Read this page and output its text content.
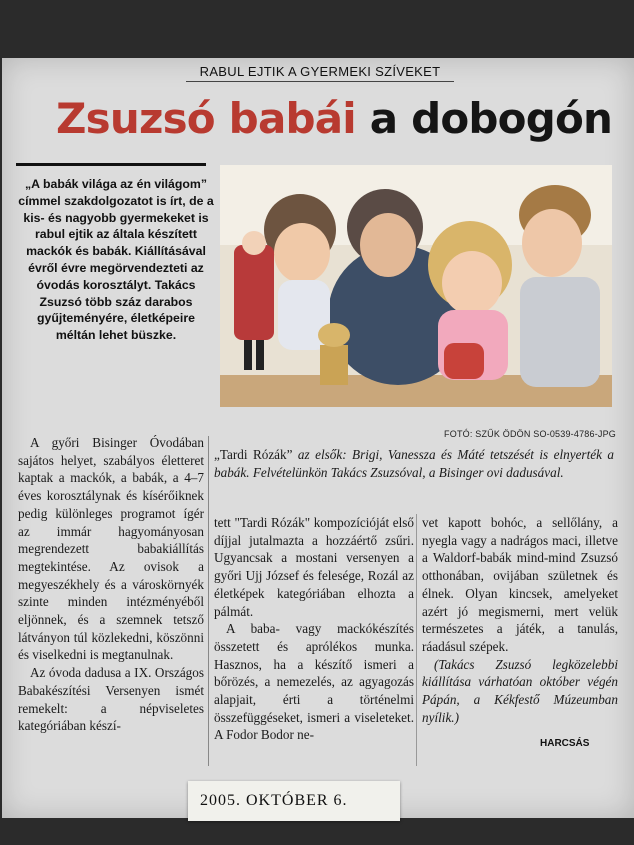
RABUL EJTIK A GYERMEKI SZÍVEKET
Zsuzsó babái a dobogón
„A babák világa az én világom” címmel szakdolgozatot is írt, de a kis- és nagyobb gyermekeket is rabul ejtik az általa készített mackók és babák. Kiállításával évről évre megörvendezteti az óvodás korosztályt. Takács Zsuzsó több száz darabos gyűjteményére, életképeire méltán lehet büszke.
FOTÓ: SZŰK ÖDÖN SO-0539-4786-JPG
„Tardi Rózák” az elsők: Brigi, Vanessza és Máté tetszését is elnyerték a babák. Felvételünkön Takács Zsuzsóval, a Bisinger ovi dadusával.

A győri Bisinger Óvodában sajátos helyet, szabályos életteret kaptak a mackók, a babák, a 4–7 éves korosztálynak és kísérőiknek pedig különleges programot ígér az immár hagyományosan megrendezett babakiállítás megtekintése. Az ovisok a megyeszékhely és a városkörnyék szinte minden intézményéből eljönnek, és a szemnek tetsző látványon túl közlekedni, köszönni és viselkedni is megtanulnak.

Az óvoda dadusa a IX. Országos Babakészítési Versenyen ismét remekelt: a népviseletes kategóriában készí-

tett "Tardi Rózák" kompozícióját első díjjal jutalmazta a hozzáértő zsűri. Ugyancsak a mostani versenyen a győri Ujj József és felesége, Rozál az életképek kategóriában elhozta a pálmát.

A baba- vagy mackókészítés összetett és aprólékos munka. Hasznos, ha a készítő ismeri a bőrözés, a nemezelés, az agyagozás alapjait, érti a történelmi összefüggéseket, ismeri a viseleteket. A Fodor Bodor ne-

vet kapott bohóc, a sellőlány, a nyegla vagy a nadrágos maci, illetve a Waldorf-babák mind-mind Zsuzsó otthonában, ovijában születnek és élnek. Olyan kincsek, amelyeket azért jó megismerni, mert velük természetes a játék, a tanulás, ráadásul szépek.

(Takács Zsuzsó legközelebbi kiállítása várhatóan október végén Pápán, a Kékfestő Múzeumban nyílik.)

HARCSÁS
2005. OKTÓBER 6.
